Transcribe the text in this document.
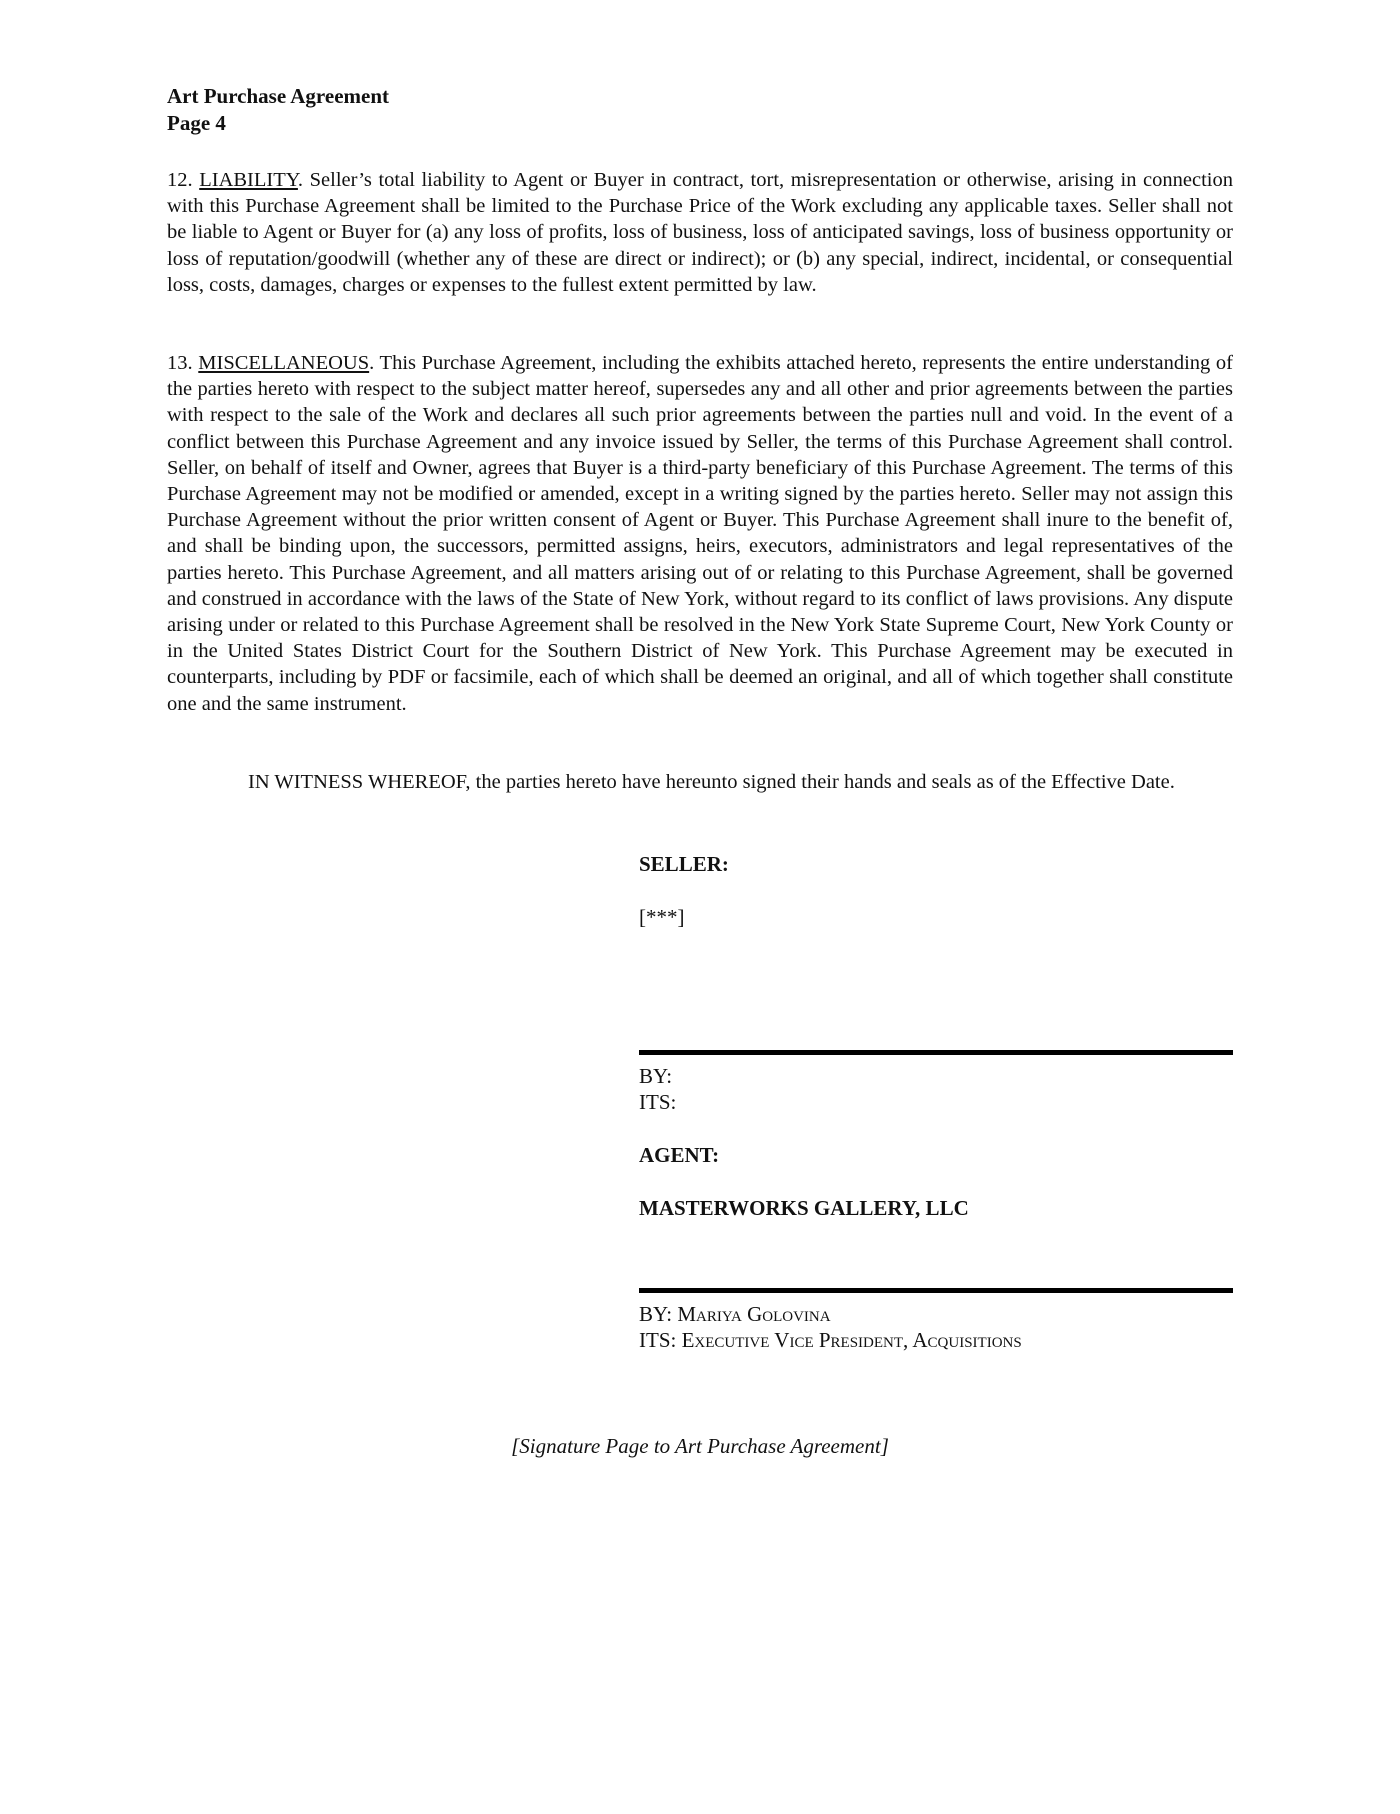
Art Purchase Agreement
Page 4

12. LIABILITY. Seller’s total liability to Agent or Buyer in contract, tort, misrepresentation or otherwise, arising in connection with this Purchase Agreement shall be limited to the Purchase Price of the Work excluding any applicable taxes. Seller shall not be liable to Agent or Buyer for (a) any loss of profits, loss of business, loss of anticipated savings, loss of business opportunity or loss of reputation/goodwill (whether any of these are direct or indirect); or (b) any special, indirect, incidental, or consequential loss, costs, damages, charges or expenses to the fullest extent permitted by law.

13. MISCELLANEOUS. This Purchase Agreement, including the exhibits attached hereto, represents the entire understanding of the parties hereto with respect to the subject matter hereof, supersedes any and all other and prior agreements between the parties with respect to the sale of the Work and declares all such prior agreements between the parties null and void. In the event of a conflict between this Purchase Agreement and any invoice issued by Seller, the terms of this Purchase Agreement shall control. Seller, on behalf of itself and Owner, agrees that Buyer is a third-party beneficiary of this Purchase Agreement. The terms of this Purchase Agreement may not be modified or amended, except in a writing signed by the parties hereto. Seller may not assign this Purchase Agreement without the prior written consent of Agent or Buyer. This Purchase Agreement shall inure to the benefit of, and shall be binding upon, the successors, permitted assigns, heirs, executors, administrators and legal representatives of the parties hereto. This Purchase Agreement, and all matters arising out of or relating to this Purchase Agreement, shall be governed and construed in accordance with the laws of the State of New York, without regard to its conflict of laws provisions. Any dispute arising under or related to this Purchase Agreement shall be resolved in the New York State Supreme Court, New York County or in the United States District Court for the Southern District of New York. This Purchase Agreement may be executed in counterparts, including by PDF or facsimile, each of which shall be deemed an original, and all of which together shall constitute one and the same instrument.

IN WITNESS WHEREOF, the parties hereto have hereunto signed their hands and seals as of the Effective Date.

SELLER:
[***]
BY:
ITS:
AGENT:
MASTERWORKS GALLERY, LLC
BY: Mariya Golovina
ITS: Executive Vice President, Acquisitions
[Signature Page to Art Purchase Agreement]
